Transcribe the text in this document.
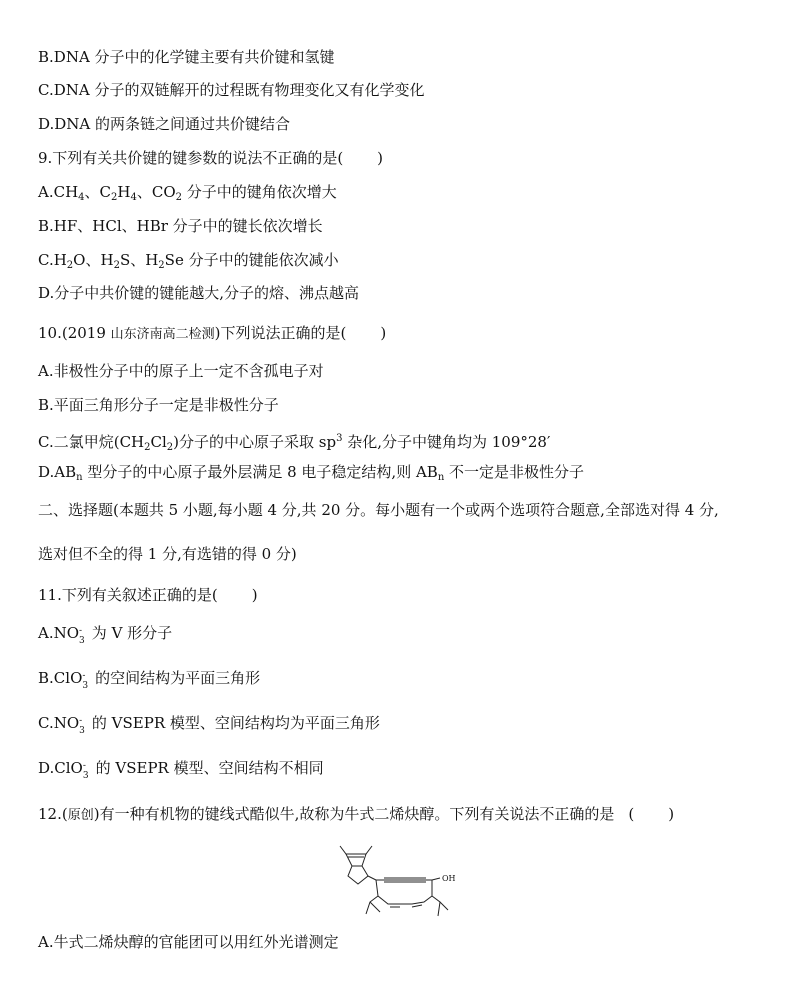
B.DNA 分子中的化学键主要有共价键和氢键
C.DNA 分子的双链解开的过程既有物理变化又有化学变化
D.DNA 的两条链之间通过共价键结合
9.下列有关共价键的键参数的说法不正确的是( )
$A.CH_4$、$C_2H_4$、$CO_2$ 分子中的键角依次增大
B.HF、HCl、HBr 分子中的键长依次增长
$C.H_2O$、$H_2S$、$H_2Se$ 分子中的键能依次减小
D.分子中共价键的键能越大,分子的熔、沸点越高
10.(2019 山东济南高二检测)下列说法正确的是( )
A.非极性分子中的原子上一定不含孤电子对
B.平面三角形分子一定是非极性分子
C.二氯甲烷$(CH_2Cl_2)$分子的中心原子采取 $sp^3$ 杂化,分子中键角均为 109°28′
$D.AB_n$ 型分子的中心原子最外层满足 8 电子稳定结构,则 $AB_n$ 不一定是非极性分子
二、选择题(本题共 5 小题,每小题 4 分,共 20 分。每小题有一个或两个选项符合题意,全部选对得 4 分,
选对但不全的得 1 分,有选错的得 0 分)
11.下列有关叙述正确的是( )
A.NO -
3 为 V 形分子
B.ClO -
3 的空间结构为平面三角形
C.NO -
3 的 VSEPR 模型、空间结构均为平面三角形
D.ClO -
3 的 VSEPR 模型、空间结构不相同
12.(原创)有一种有机物的键线式酷似牛,故称为牛式二烯炔醇。下列有关说法不正确的是 ( )
OH
A.牛式二烯炔醇的官能团可以用红外光谱测定
